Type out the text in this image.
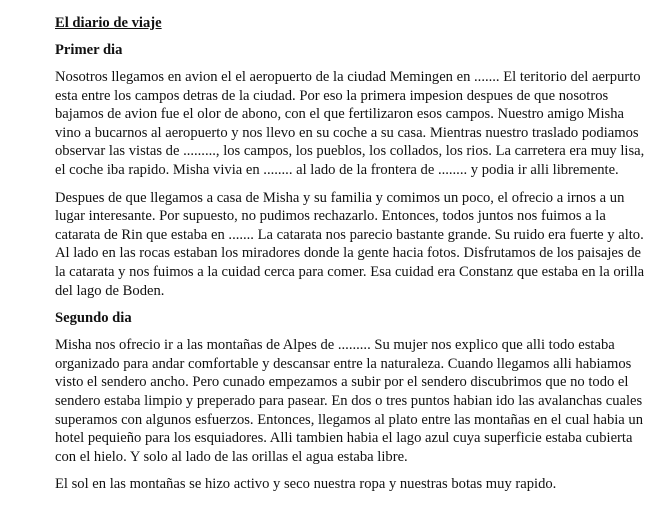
El diario de viaje
Primer dia

Nosotros llegamos en avion el el aeropuerto de la ciudad Memingen en ....... El teritorio del aerpurto esta entre los campos detras de la ciudad. Por eso la primera impesion despues de que nosotros bajamos de avion fue el olor de abono, con el que fertilizaron esos campos. Nuestro amigo Misha vino a bucarnos al aeropuerto y nos llevo en su coche a su casa. Mientras nuestro traslado podiamos observar las vistas de ........., los campos, los pueblos, los collados, los rios. La carretera era muy lisa, el coche iba rapido. Misha vivia en ........ al lado de la frontera de ........ y podia ir alli libremente.

Despues de que llegamos a casa de Misha y su familia y comimos un poco, el ofrecio a irnos a un lugar interesante. Por supuesto, no pudimos rechazarlo. Entonces, todos juntos nos fuimos a la catarata de Rin que estaba en ....... La catarata nos parecio bastante grande. Su ruido era fuerte y alto. Al lado en las rocas estaban los miradores donde la gente hacia fotos. Disfrutamos de los paisajes de la catarata y nos fuimos a la cuidad cerca para comer. Esa cuidad era Constanz que estaba en la orilla del lago de Boden.

Segundo dia

Misha nos ofrecio ir a las montañas de Alpes de ......... Su mujer nos explico que alli todo estaba organizado para andar comfortable y descansar entre la naturaleza. Cuando llegamos alli habiamos visto el sendero ancho. Pero cunado empezamos a subir por el sendero discubrimos que no todo el sendero estaba limpio y preperado para pasear. En dos o tres puntos habian ido las avalanchas cuales superamos con algunos esfuerzos. Entonces, llegamos al plato entre las montañas en el cual habia un hotel pequieño para los esquiadores. Alli tambien habia el lago azul cuya superficie estaba cubierta con el hielo. Y solo al lado de las orillas el agua estaba libre.

El sol en las montañas se hizo activo y seco nuestra ropa y nuestras botas muy rapido.
